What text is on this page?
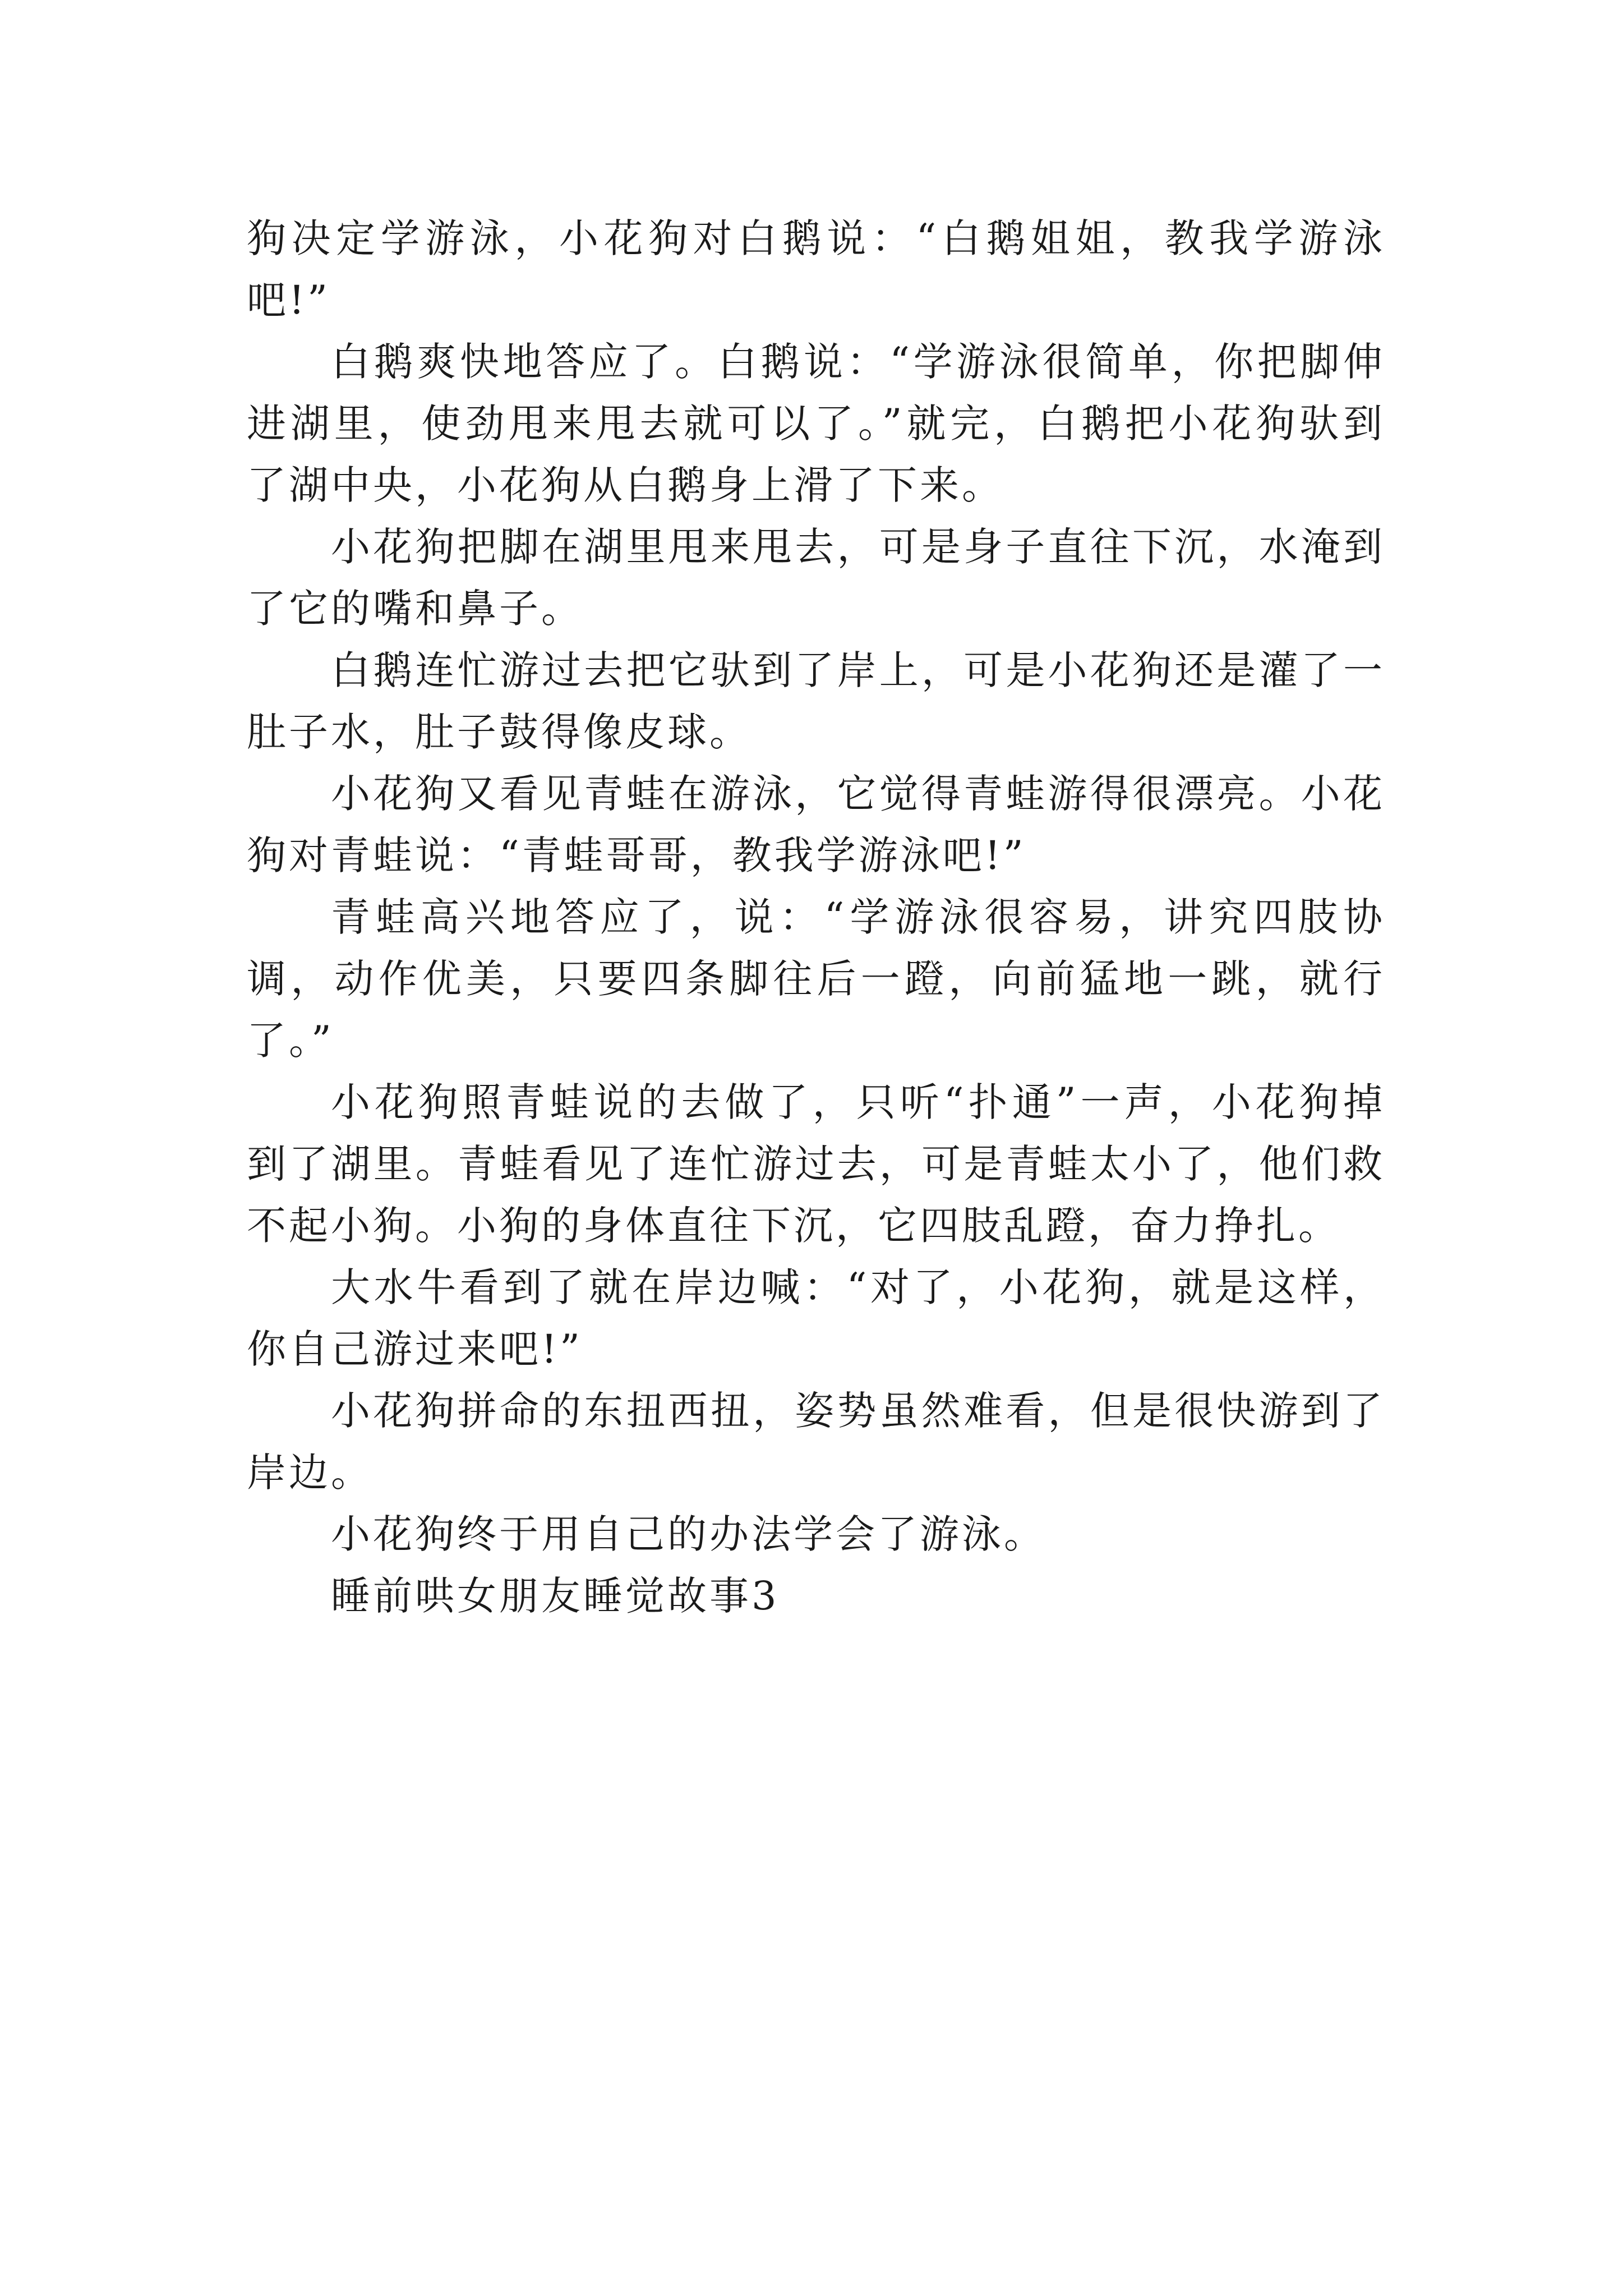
狗决定学游泳，小花狗对白鹅说：“白鹅姐姐，教我学游泳吧!”

白鹅爽快地答应了。白鹅说：“学游泳很简单，你把脚伸进湖里，使劲甩来甩去就可以了。”就完，白鹅把小花狗驮到了湖中央，小花狗从白鹅身上滑了下来。

小花狗把脚在湖里甩来甩去，可是身子直往下沉，水淹到了它的嘴和鼻子。

白鹅连忙游过去把它驮到了岸上，可是小花狗还是灌了一肚子水，肚子鼓得像皮球。

小花狗又看见青蛙在游泳，它觉得青蛙游得很漂亮。小花狗对青蛙说：“青蛙哥哥，教我学游泳吧!”

青蛙高兴地答应了，说：“学游泳很容易，讲究四肢协调，动作优美，只要四条脚往后一蹬，向前猛地一跳，就行了。”

小花狗照青蛙说的去做了，只听“扑通”一声，小花狗掉到了湖里。青蛙看见了连忙游过去，可是青蛙太小了，他们救不起小狗。小狗的身体直往下沉，它四肢乱蹬，奋力挣扎。

大水牛看到了就在岸边喊：“对了，小花狗，就是这样，你自己游过来吧!”

小花狗拼命的东扭西扭，姿势虽然难看，但是很快游到了岸边。

小花狗终于用自己的办法学会了游泳。

睡前哄女朋友睡觉故事3
